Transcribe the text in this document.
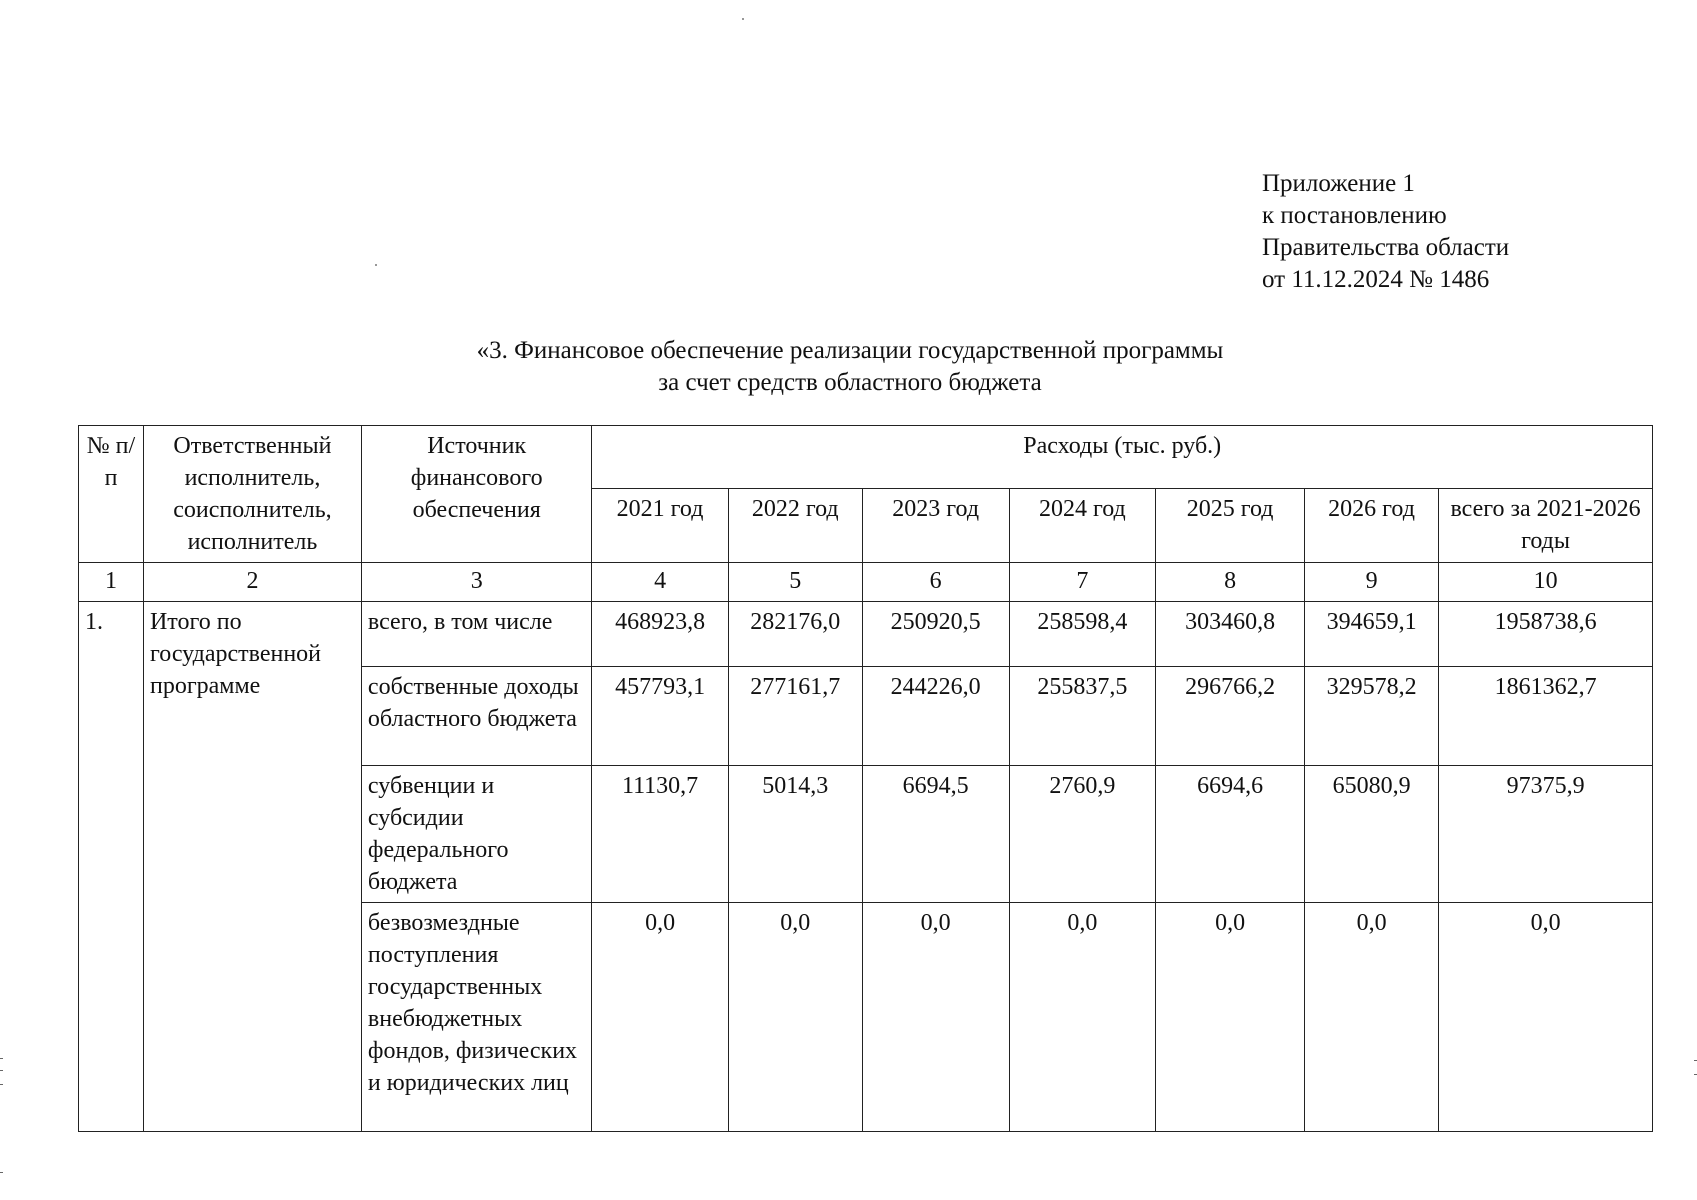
Приложение 1
к постановлению
Правительства области
от 11.12.2024 № 1486
«3. Финансовое обеспечение реализации государственной программы
за счет средств областного бюджета
№ п/п	Ответственный исполнитель, соисполнитель, исполнитель	Источник финансового обеспечения	Расходы (тыс. руб.)						
			2021 год	2022 год	2023 год	2024 год	2025 год	2026 год	всего за 2021-2026 годы
1	2	3	4	5	6	7	8	9	10
1.	Итого по государственной программе	всего, в том числе	468923,8	282176,0	250920,5	258598,4	303460,8	394659,1	1958738,6
		собственные доходы областного бюджета	457793,1	277161,7	244226,0	255837,5	296766,2	329578,2	1861362,7
		субвенции и субсидии федерального бюджета	11130,7	5014,3	6694,5	2760,9	6694,6	65080,9	97375,9
		безвозмездные поступления государственных внебюджетных фондов, физических и юридических лиц	0,0	0,0	0,0	0,0	0,0	0,0	0,0
